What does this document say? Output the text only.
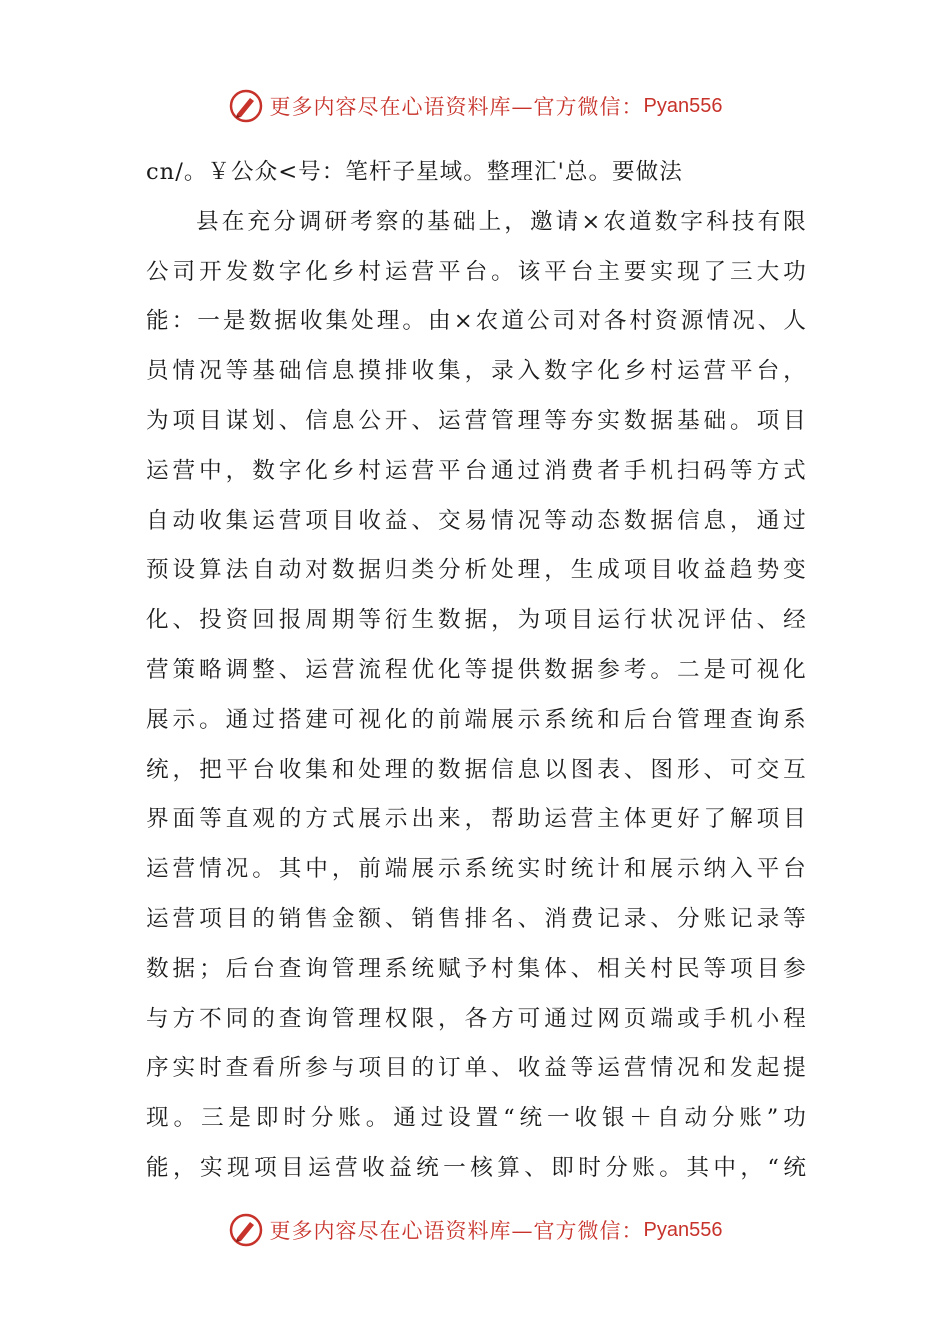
更多内容尽在心语资料库—官方微信： Pyan556
cn/。￥公众<号：笔杆子星域。整理汇'总。要做法
县 在 充 分 调 研 考 察 的 基 础 上 ， 邀 请 × 农 道 数 字 科 技 有 限
公 司 开 发 数 字 化 乡 村 运 营 平 台 。 该 平 台 主 要 实 现 了 三 大 功
能 ： 一 是 数 据 收 集 处 理 。 由 × 农 道 公 司 对 各 村 资 源 情 况 、 人
员 情 况 等 基 础 信 息 摸 排 收 集 ， 录 入 数 字 化 乡 村 运 营 平 台 ，
为 项 目 谋 划 、 信 息 公 开 、 运 营 管 理 等 夯 实 数 据 基 础 。 项 目
运 营 中 ， 数 字 化 乡 村 运 营 平 台 通 过 消 费 者 手 机 扫 码 等 方 式
自 动 收 集 运 营 项 目 收 益 、 交 易 情 况 等 动 态 数 据 信 息 ， 通 过
预 设 算 法 自 动 对 数 据 归 类 分 析 处 理 ， 生 成 项 目 收 益 趋 势 变
化 、 投 资 回 报 周 期 等 衍 生 数 据 ， 为 项 目 运 行 状 况 评 估 、 经
营 策 略 调 整 、 运 营 流 程 优 化 等 提 供 数 据 参 考 。 二 是 可 视 化
展 示 。 通 过 搭 建 可 视 化 的 前 端 展 示 系 统 和 后 台 管 理 查 询 系
统 ， 把 平 台 收 集 和 处 理 的 数 据 信 息 以 图 表 、 图 形 、 可 交 互
界 面 等 直 观 的 方 式 展 示 出 来 ， 帮 助 运 营 主 体 更 好 了 解 项 目
运 营 情 况 。 其 中 ， 前 端 展 示 系 统 实 时 统 计 和 展 示 纳 入 平 台
运 营 项 目 的 销 售 金 额 、 销 售 排 名 、 消 费 记 录 、 分 账 记 录 等
数 据 ； 后 台 查 询 管 理 系 统 赋 予 村 集 体 、 相 关 村 民 等 项 目 参
与 方 不 同 的 查 询 管 理 权 限 ， 各 方 可 通 过 网 页 端 或 手 机 小 程
序 实 时 查 看 所 参 与 项 目 的 订 单 、 收 益 等 运 营 情 况 和 发 起 提
现 。 三 是 即 时 分 账 。 通 过 设 置 “ 统 一 收 银 ＋ 自 动 分 账 ” 功
能 ， 实 现 项 目 运 营 收 益 统 一 核 算 、 即 时 分 账 。 其 中 ， “ 统
更多内容尽在心语资料库—官方微信： Pyan556
